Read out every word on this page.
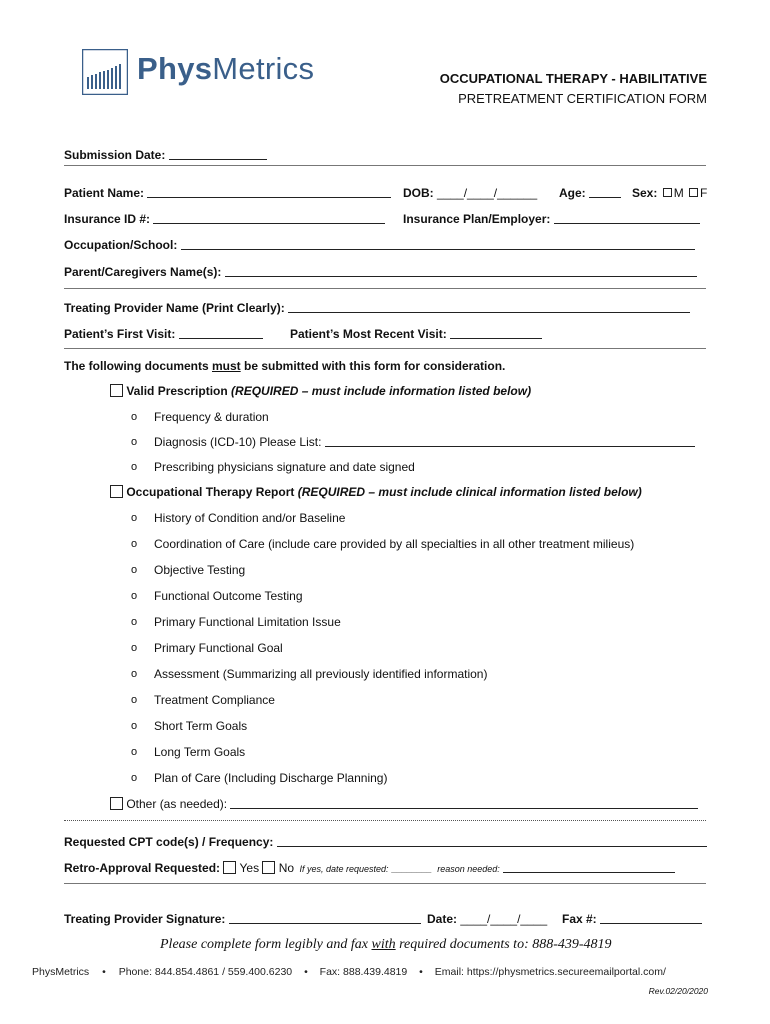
PhysMetrics	OCCUPATIONAL THERAPY - HABILITATIVE
PRETREATMENT CERTIFICATION FORM
Submission Date:
Patient Name:	DOB: ____/____/______ Age:	Sex: M F
Insurance ID #:	Insurance Plan/Employer:
Occupation/School:
Parent/Caregivers Name(s):
Treating Provider Name (Print Clearly):
Patient’s First Visit:	Patient’s Most Recent Visit:
The following documents must be submitted with this form for consideration.
Valid Prescription (REQUIRED – must include information listed below)
o Frequency & duration
o Diagnosis (ICD-10) Please List:
o Prescribing physicians signature and date signed
Occupational Therapy Report (REQUIRED – must include clinical information listed below)
o History of Condition and/or Baseline
o Coordination of Care (include care provided by all specialties in all other treatment milieus)
o Objective Testing
o Functional Outcome Testing
o Primary Functional Limitation Issue
o Primary Functional Goal
o Assessment (Summarizing all previously identified information)
o Treatment Compliance
o Short Term Goals
o Long Term Goals
o Plan of Care (Including Discharge Planning)
Other (as needed):
Requested CPT code(s) / Frequency:
Retro-Approval Requested: Yes No If yes, date requested: ________ reason needed:
Treating Provider Signature:	Date: ____/____/____ Fax #:
Please complete form legibly and fax with required documents to: 888-439-4819
PhysMetrics • Phone: 844.854.4861 / 559.400.6230 • Fax: 888.439.4819 • Email: https://physmetrics.secureemailportal.com/
Rev.02/20/2020
